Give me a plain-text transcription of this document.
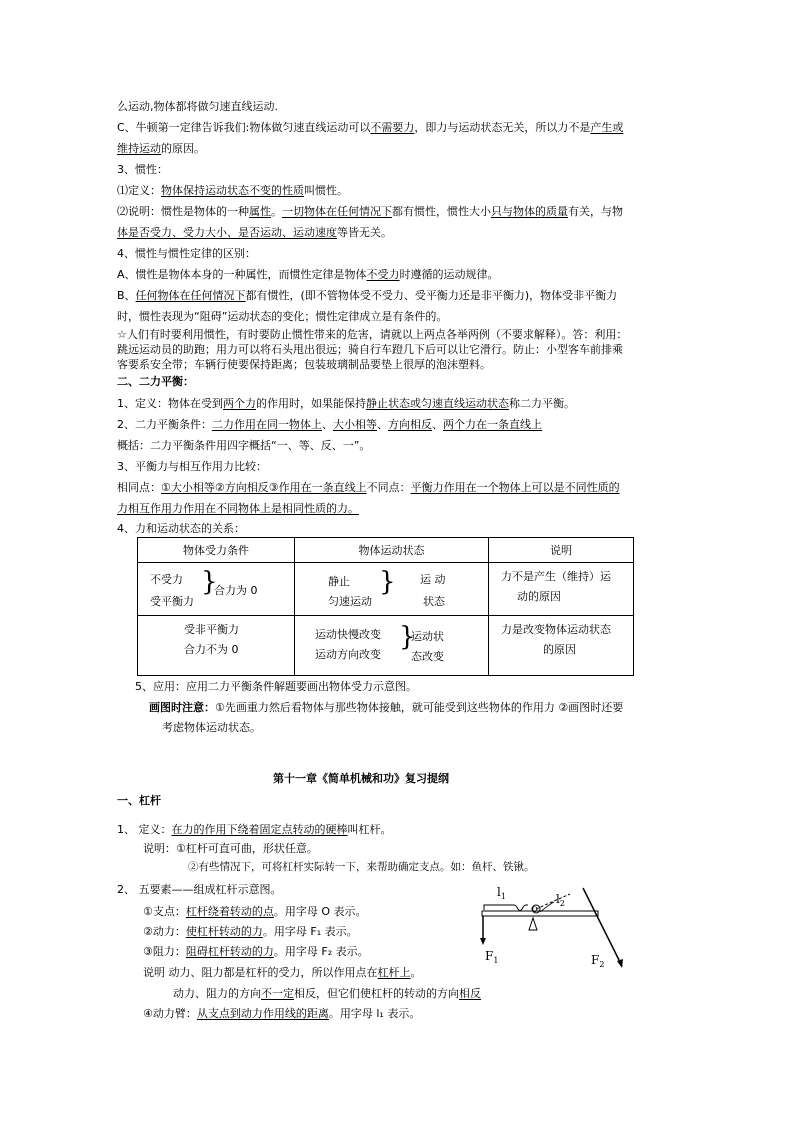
么运动,物体都将做匀速直线运动.
C、牛顿第一定律告诉我们:物体做匀速直线运动可以不需要力，即力与运动状态无关，所以力不是产生或
维持运动的原因。
3、惯性：
⑴定义：物体保持运动状态不变的性质叫惯性。
⑵说明：惯性是物体的一种属性。一切物体在任何情况下都有惯性，惯性大小只与物体的质量有关，与物
体是否受力、受力大小、是否运动、运动速度等皆无关。
4、惯性与惯性定律的区别：
A、惯性是物体本身的一种属性，而惯性定律是物体不受力时遵循的运动规律。
B、任何物体在任何情况下都有惯性，(即不管物体受不受力、受平衡力还是非平衡力)，物体受非平衡力
时，惯性表现为“阻碍”运动状态的变化；惯性定律成立是有条件的。
☆人们有时要利用惯性，有时要防止惯性带来的危害，请就以上两点各举两例（不要求解释）。答：利用：
跳远运动员的助跑；用力可以将石头甩出很远；骑自行车蹬几下后可以让它滑行。防止：小型客车前排乘
客要系安全带；车辆行使要保持距离；包装玻璃制品要垫上很厚的泡沫塑料。
二、二力平衡：
1、定义：物体在受到两个力的作用时，如果能保持静止状态或匀速直线运动状态称二力平衡。
2、二力平衡条件：二力作用在同一物体上、大小相等、方向相反、两个力在一条直线上
概括：二力平衡条件用四字概括“一、等、反、一”。
3、平衡力与相互作用力比较：
相同点：①大小相等②方向相反③作用在一条直线上不同点：平衡力作用在一个物体上可以是不同性质的
力相互作用力作用在不同物体上是相同性质的力。
4、力和运动状态的关系：
物体受力条件	物体运动状态	说明

不受力
受平衡力
}
合力为 0	静止
匀速运动
} 运 动
状态	力不是产生（维持）运
动的原因

受非平衡力
合力不为 0	运动快慢改变
运动方向改变
}
运动状
态改变	力是改变物体运动状态
的原因
5、应用：应用二力平衡条件解题要画出物体受力示意图。
画图时注意：①先画重力然后看物体与那些物体接触，就可能受到这些物体的作用力 ②画图时还要
考虑物体运动状态。
第十一章《简单机械和功》复习提纲
一、杠杆
1、 定义：在力的作用下绕着固定点转动的硬棒叫杠杆。
说明：①杠杆可直可曲，形状任意。
②有些情况下，可将杠杆实际转一下，来帮助确定支点。如：鱼杆、铁锹。
2、 五要素——组成杠杆示意图。
①支点：杠杆绕着转动的点。用字母 O 表示。
②动力：使杠杆转动的力。用字母 F₁ 表示。
③阻力：阻碍杠杆转动的力。用字母 F₂ 表示。
说明 动力、阻力都是杠杆的受力，所以作用点在杠杆上。
动力、阻力的方向不一定相反，但它们使杠杆的转动的方向相反
④动力臂：从支点到动力作用线的距离。用字母 l₁ 表示。
$l_1$	$l_2$
$F_1$	$F_2$
O
